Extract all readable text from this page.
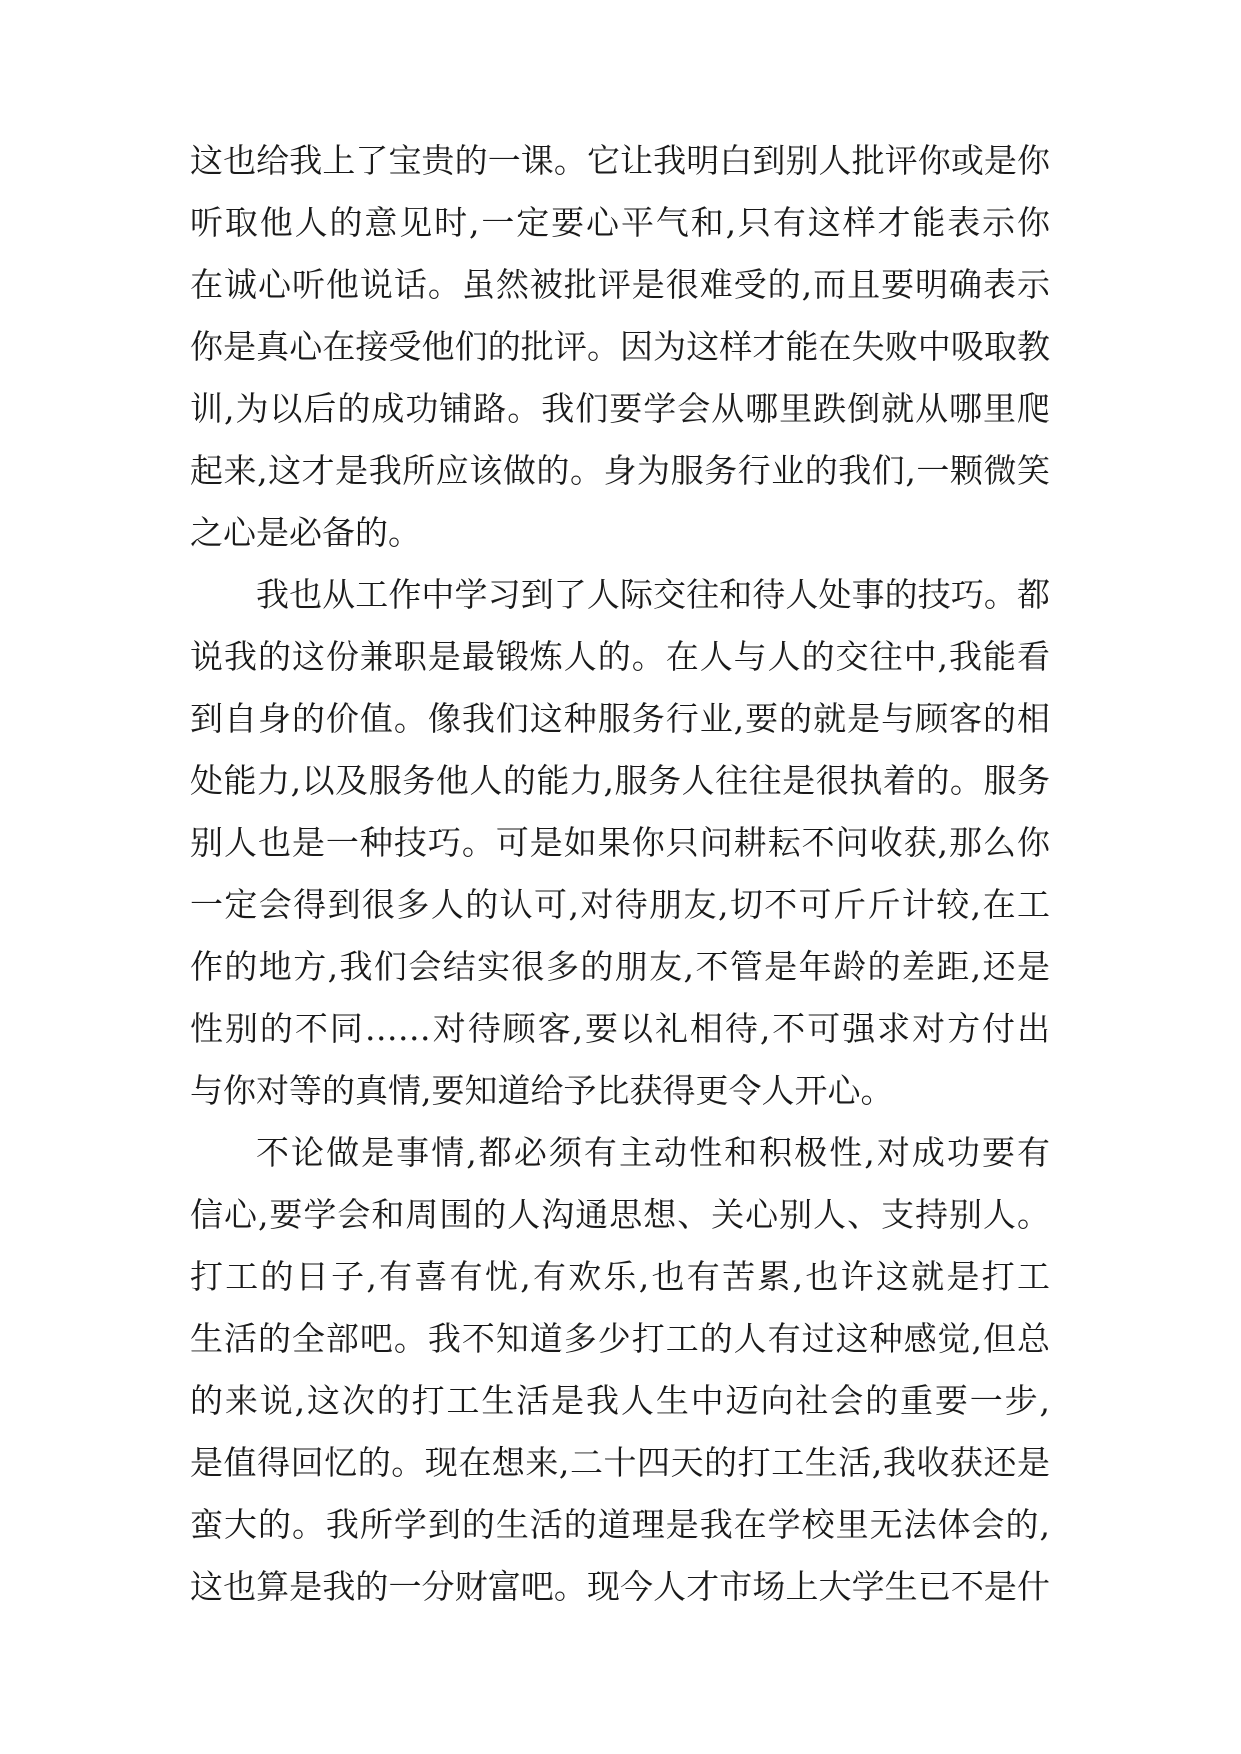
这也给我上了宝贵的一课。它让我明白到别人批评你或是你
听取他人的意见时,一定要心平气和,只有这样才能表示你
在诚心听他说话。虽然被批评是很难受的,而且要明确表示
你是真心在接受他们的批评。因为这样才能在失败中吸取教
训,为以后的成功铺路。我们要学会从哪里跌倒就从哪里爬
起来,这才是我所应该做的。身为服务行业的我们,一颗微笑
之心是必备的。
我也从工作中学习到了人际交往和待人处事的技巧。都
说我的这份兼职是最锻炼人的。在人与人的交往中,我能看
到自身的价值。像我们这种服务行业,要的就是与顾客的相
处能力,以及服务他人的能力,服务人往往是很执着的。服务
别人也是一种技巧。可是如果你只问耕耘不问收获,那么你
一定会得到很多人的认可,对待朋友,切不可斤斤计较,在工
作的地方,我们会结实很多的朋友,不管是年龄的差距,还是
性别的不同……对待顾客,要以礼相待,不可强求对方付出
与你对等的真情,要知道给予比获得更令人开心。
不论做是事情,都必须有主动性和积极性,对成功要有
信心,要学会和周围的人沟通思想、关心别人、支持别人。
打工的日子,有喜有忧,有欢乐,也有苦累,也许这就是打工
生活的全部吧。我不知道多少打工的人有过这种感觉,但总
的来说,这次的打工生活是我人生中迈向社会的重要一步,
是值得回忆的。现在想来,二十四天的打工生活,我收获还是
蛮大的。我所学到的生活的道理是我在学校里无法体会的,
这也算是我的一分财富吧。现今人才市场上大学生已不是什
